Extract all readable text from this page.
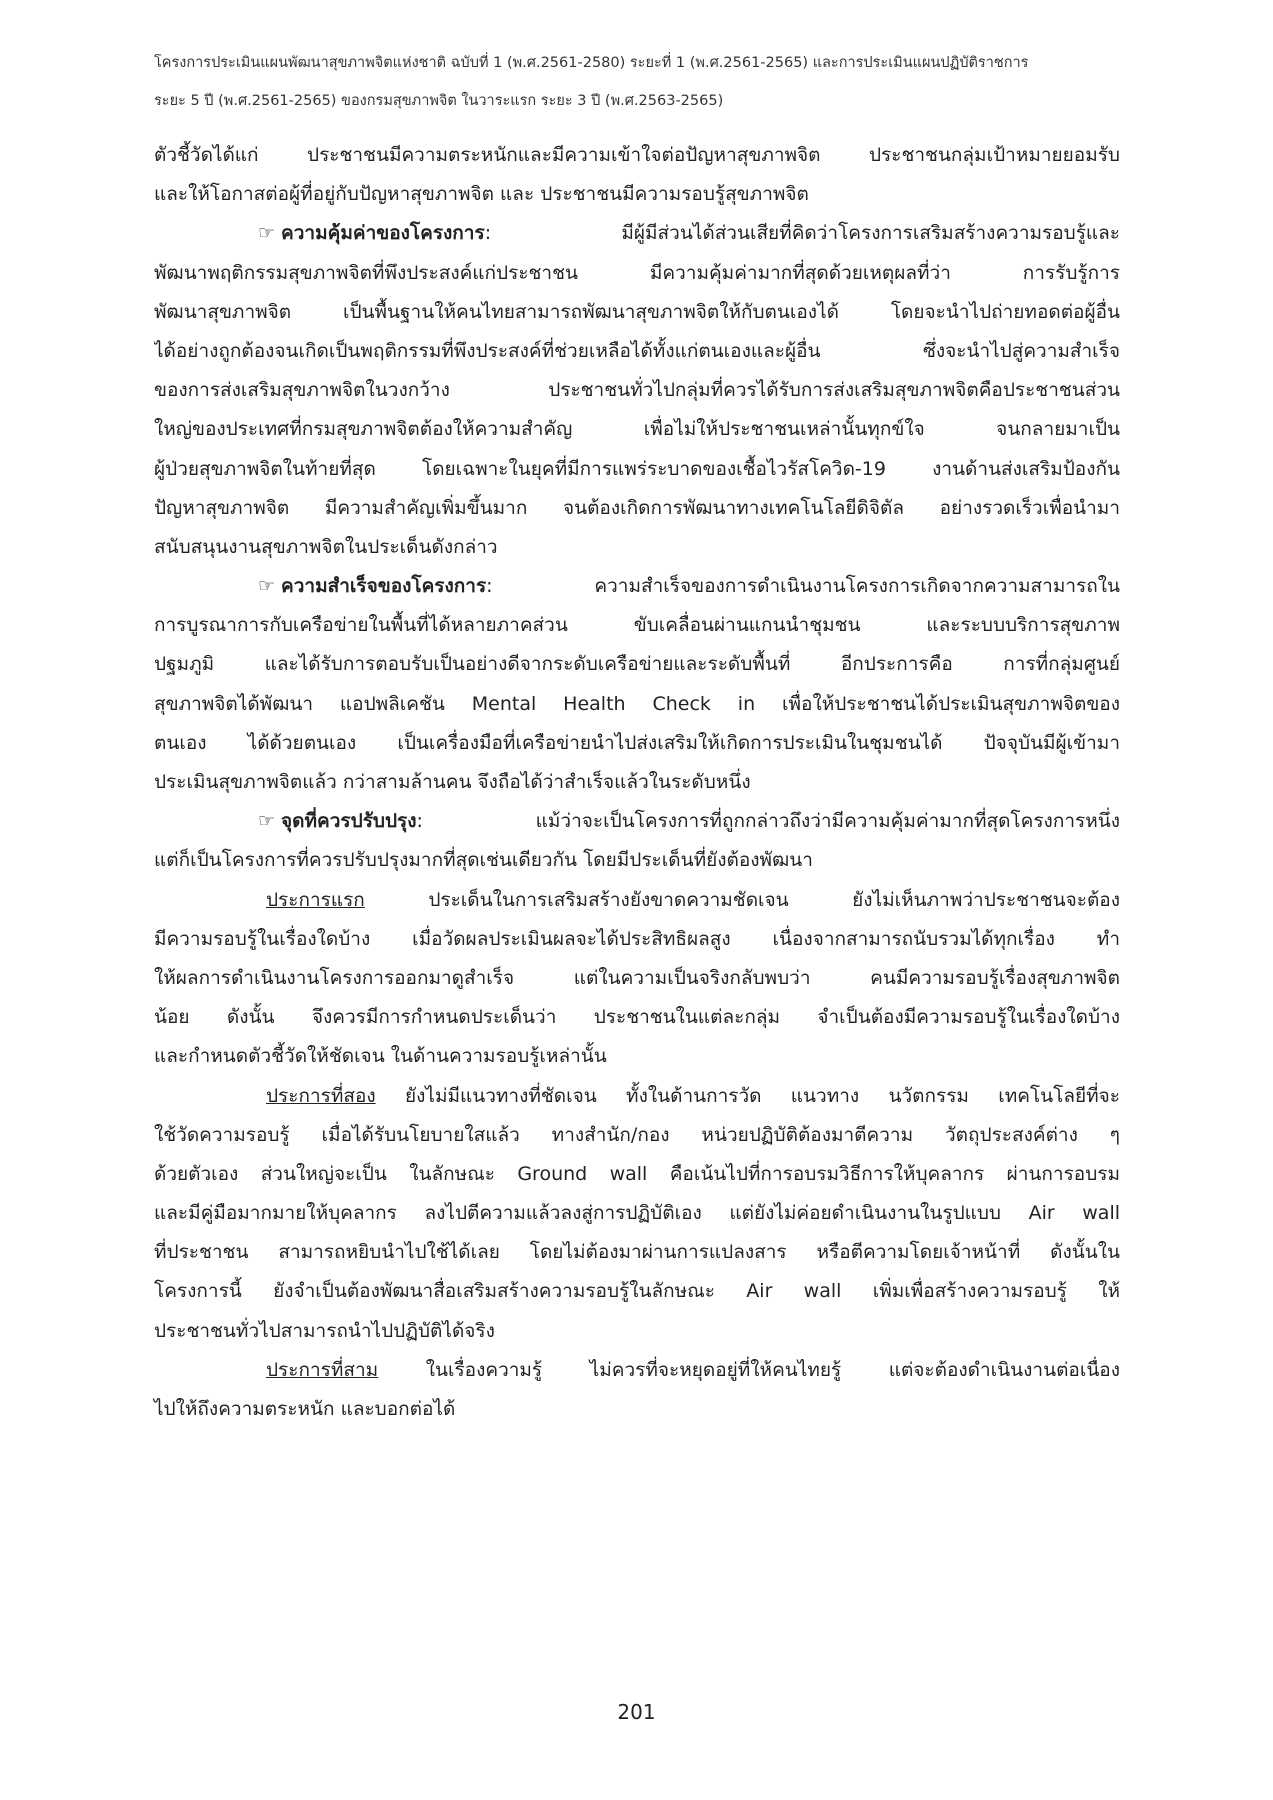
โครงการประเมินแผนพัฒนาสุขภาพจิตแห่งชาติ ฉบับที่ 1 (พ.ศ.2561-2580) ระยะที่ 1 (พ.ศ.2561-2565) และการประเมินแผนปฏิบัติราชการ
ระยะ 5 ปี (พ.ศ.2561-2565) ของกรมสุขภาพจิต ในวาระแรก ระยะ 3 ปี (พ.ศ.2563-2565)
ตัวชี้วัดได้แก่ ประชาชนมีความตระหนักและมีความเข้าใจต่อปัญหาสุขภาพจิต ประชาชนกลุ่มเป้าหมายยอมรับ
และให้โอกาสต่อผู้ที่อยู่กับปัญหาสุขภาพจิต และ ประชาชนมีความรอบรู้สุขภาพจิต
☞ ความคุ้มค่าของโครงการ: มีผู้มีส่วนได้ส่วนเสียที่คิดว่าโครงการเสริมสร้างความรอบรู้และ
พัฒนาพฤติกรรมสุขภาพจิตที่พึงประสงค์แก่ประชาชน มีความคุ้มค่ามากที่สุดด้วยเหตุผลที่ว่า การรับรู้การ
พัฒนาสุขภาพจิต เป็นพื้นฐานให้คนไทยสามารถพัฒนาสุขภาพจิตให้กับตนเองได้ โดยจะนำไปถ่ายทอดต่อผู้อื่น
ได้อย่างถูกต้องจนเกิดเป็นพฤติกรรมที่พึงประสงค์ที่ช่วยเหลือได้ทั้งแก่ตนเองและผู้อื่น ซึ่งจะนำไปสู่ความสำเร็จ
ของการส่งเสริมสุขภาพจิตในวงกว้าง ประชาชนทั่วไปกลุ่มที่ควรได้รับการส่งเสริมสุขภาพจิตคือประชาชนส่วน
ใหญ่ของประเทศที่กรมสุขภาพจิตต้องให้ความสำคัญ เพื่อไม่ให้ประชาชนเหล่านั้นทุกข์ใจ จนกลายมาเป็น
ผู้ป่วยสุขภาพจิตในท้ายที่สุด โดยเฉพาะในยุคที่มีการแพร่ระบาดของเชื้อไวรัสโควิด-19 งานด้านส่งเสริมป้องกัน
ปัญหาสุขภาพจิต มีความสำคัญเพิ่มขึ้นมาก จนต้องเกิดการพัฒนาทางเทคโนโลยีดิจิตัล อย่างรวดเร็วเพื่อนำมา
สนับสนุนงานสุขภาพจิตในประเด็นดังกล่าว
☞ ความสำเร็จของโครงการ: ความสำเร็จของการดำเนินงานโครงการเกิดจากความสามารถใน
การบูรณาการกับเครือข่ายในพื้นที่ได้หลายภาคส่วน ขับเคลื่อนผ่านแกนนำชุมชน และระบบบริการสุขภาพ
ปฐมภูมิ และได้รับการตอบรับเป็นอย่างดีจากระดับเครือข่ายและระดับพื้นที่ อีกประการคือ การที่กลุ่มศูนย์
สุขภาพจิตได้พัฒนา แอปพลิเคชัน Mental Health Check in เพื่อให้ประชาชนได้ประเมินสุขภาพจิตของ
ตนเอง ได้ด้วยตนเอง เป็นเครื่องมือที่เครือข่ายนำไปส่งเสริมให้เกิดการประเมินในชุมชนได้ ปัจจุบันมีผู้เข้ามา
ประเมินสุขภาพจิตแล้ว กว่าสามล้านคน จึงถือได้ว่าสำเร็จแล้วในระดับหนึ่ง
☞ จุดที่ควรปรับปรุง: แม้ว่าจะเป็นโครงการที่ถูกกล่าวถึงว่ามีความคุ้มค่ามากที่สุดโครงการหนึ่ง
แต่ก็เป็นโครงการที่ควรปรับปรุงมากที่สุดเช่นเดียวกัน โดยมีประเด็นที่ยังต้องพัฒนา
ประการแรก ประเด็นในการเสริมสร้างยังขาดความชัดเจน ยังไม่เห็นภาพว่าประชาชนจะต้อง
มีความรอบรู้ในเรื่องใดบ้าง เมื่อวัดผลประเมินผลจะได้ประสิทธิผลสูง เนื่องจากสามารถนับรวมได้ทุกเรื่อง ทำ
ให้ผลการดำเนินงานโครงการออกมาดูสำเร็จ แต่ในความเป็นจริงกลับพบว่า คนมีความรอบรู้เรื่องสุขภาพจิต
น้อย ดังนั้น จึงควรมีการกำหนดประเด็นว่า ประชาชนในแต่ละกลุ่ม จำเป็นต้องมีความรอบรู้ในเรื่องใดบ้าง
และกำหนดตัวชี้วัดให้ชัดเจน ในด้านความรอบรู้เหล่านั้น
ประการที่สอง ยังไม่มีแนวทางที่ชัดเจน ทั้งในด้านการวัด แนวทาง นวัตกรรม เทคโนโลยีที่จะ
ใช้วัดความรอบรู้ เมื่อได้รับนโยบายใสแล้ว ทางสำนัก/กอง หน่วยปฏิบัติต้องมาตีความ วัตถุประสงค์ต่าง ๆ
ด้วยตัวเอง ส่วนใหญ่จะเป็น ในลักษณะ Ground wall คือเน้นไปที่การอบรมวิธีการให้บุคลากร ผ่านการอบรม
และมีคู่มือมากมายให้บุคลากร ลงไปตีความแล้วลงสู่การปฏิบัติเอง แต่ยังไม่ค่อยดำเนินงานในรูปแบบ Air wall
ที่ประชาชน สามารถหยิบนำไปใช้ได้เลย โดยไม่ต้องมาผ่านการแปลงสาร หรือตีความโดยเจ้าหน้าที่ ดังนั้นใน
โครงการนี้ ยังจำเป็นต้องพัฒนาสื่อเสริมสร้างความรอบรู้ในลักษณะ Air wall เพิ่มเพื่อสร้างความรอบรู้ ให้
ประชาชนทั่วไปสามารถนำไปปฏิบัติได้จริง
ประการที่สาม ในเรื่องความรู้ ไม่ควรที่จะหยุดอยู่ที่ให้คนไทยรู้ แต่จะต้องดำเนินงานต่อเนื่อง
ไปให้ถึงความตระหนัก และบอกต่อได้
201
